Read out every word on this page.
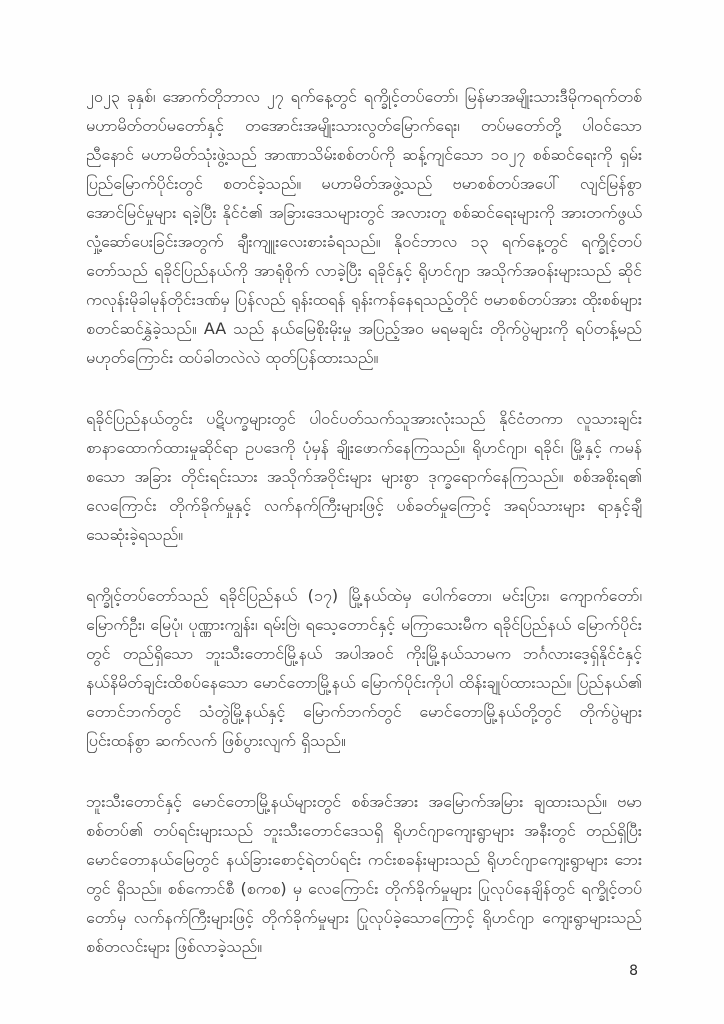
၂၀၂၃ ခုနှစ်၊ အောက်တိုဘာလ ၂၇ ရက်နေ့တွင် ရက္ခိုင့်တပ်တော်၊ မြန်မာအမျိုးသားဒီမိုကရက်တစ် မဟာမိတ်တပ်မတော်နှင့် တအောင်းအမျိုးသားလွတ်မြောက်ရေး၊ တပ်မတော်တို့ ပါဝင်သော ညီနောင် မဟာမိတ်သုံးဖွဲ့သည် အာဏာသိမ်းစစ်တပ်ကို ဆန့်ကျင်သော ၁၀၂၇ စစ်ဆင်ရေးကို ရှမ်းပြည်မြောက်ပိုင်းတွင် စတင်ခဲ့သည်။ မဟာမိတ်အဖွဲ့သည် ဗမာစစ်တပ်အပေါ် လျင်မြန်စွာ အောင်မြင်မှုများ ရခဲ့ပြီး နိုင်ငံ၏ အခြားဒေသများတွင် အလားတူ စစ်ဆင်ရေးများကို အားတက်ဖွယ် လှုံ့ဆော်ပေးခြင်းအတွက် ချီးကျူးလေးစားခံရသည်။ နိုဝင်ဘာလ ၁၃ ရက်နေ့တွင် ရက္ခိုင့်တပ်တော်သည် ရခိုင်ပြည်နယ်ကို အာရုံစိုက် လာခဲ့ပြီး ရခိုင်နှင့် ရိုဟင်ဂျာ အသိုက်အဝန်းများသည် ဆိုင်ကလုန်းမိုခါမုန်တိုင်းဒဏ်မှ ပြန်လည် ရုန်းထရန် ရုန်းကန်နေရသည့်တိုင် ဗမာစစ်တပ်အား ထိုးစစ်များ စတင်ဆင်နွှဲခဲ့သည်။ AA သည် နယ်မြေစိုးမိုးမှု အပြည့်အဝ မရမချင်း တိုက်ပွဲများကို ရပ်တန့်မည် မဟုတ်ကြောင်း ထပ်ခါတလဲလဲ ထုတ်ပြန်ထားသည်။

ရခိုင်ပြည်နယ်တွင်း ပဋိပက္ခများတွင် ပါဝင်ပတ်သက်သူအားလုံးသည် နိုင်ငံတကာ လူသားချင်း စာနာထောက်ထားမှုဆိုင်ရာ ဥပဒေကို ပုံမှန် ချိုးဖောက်နေကြသည်။ ရိုဟင်ဂျာ၊ ရခိုင်၊ မြို့နှင့် ကမန် စသော အခြား တိုင်းရင်းသား အသိုက်အဝိုင်းများ များစွာ ဒုက္ခရောက်နေကြသည်။ စစ်အစိုးရ၏ လေကြောင်း တိုက်ခိုက်မှုနှင့် လက်နက်ကြီးများဖြင့် ပစ်ခတ်မှုကြောင့် အရပ်သားများ ရာနှင့်ချီ သေဆုံးခဲ့ရသည်။

ရက္ခိုင့်တပ်တော်သည် ရခိုင်ပြည်နယ် (၁၇) မြို့နယ်ထဲမှ ပေါက်တော၊ မင်းပြား၊ ကျောက်တော်၊ မြောက်ဦး၊ မြေပုံ၊ ပုဏ္ဏားကျွန်း၊ ရမ်းဗြဲ၊ ရသေ့တောင်နှင့် မကြာသေးမီက ရခိုင်ပြည်နယ် မြောက်ပိုင်းတွင် တည်ရှိသော ဘူးသီးတောင်မြို့နယ် အပါအဝင် ကိုးမြို့နယ်သာမက ဘင်္ဂလားဒေ့ရှ်နိုင်ငံနှင့် နယ်နိမိတ်ချင်းထိစပ်နေသော မောင်တောမြို့နယ် မြောက်ပိုင်းကိုပါ ထိန်းချုပ်ထားသည်။ ပြည်နယ်၏ တောင်ဘက်တွင် သံတွဲမြို့နယ်နှင့် မြောက်ဘက်တွင် မောင်တောမြို့နယ်တို့တွင် တိုက်ပွဲများ ပြင်းထန်စွာ ဆက်လက် ဖြစ်ပွားလျက် ရှိသည်။

ဘူးသီးတောင်နှင့် မောင်တောမြို့နယ်များတွင် စစ်အင်အား အမြောက်အမြား ချထားသည်။ ဗမာ စစ်တပ်၏ တပ်ရင်းများသည် ဘူးသီးတောင်ဒေသရှိ ရိုဟင်ဂျာကျေးရွာများ အနီးတွင် တည်ရှိပြီး မောင်တောနယ်မြေတွင် နယ်ခြားစောင့်ရဲတပ်ရင်း ကင်းစခန်းများသည် ရိုဟင်ဂျာကျေးရွာများ ဘေးတွင် ရှိသည်။ စစ်ကောင်စီ (စကစ) မှ လေကြောင်း တိုက်ခိုက်မှုများ ပြုလုပ်နေချိန်တွင် ရက္ခိုင့်တပ်တော်မှ လက်နက်ကြီးများဖြင့် တိုက်ခိုက်မှုများ ပြုလုပ်ခဲ့သောကြောင့် ရိုဟင်ဂျာ ကျေးရွာများသည် စစ်တလင်းများ ဖြစ်လာခဲ့သည်။

8
